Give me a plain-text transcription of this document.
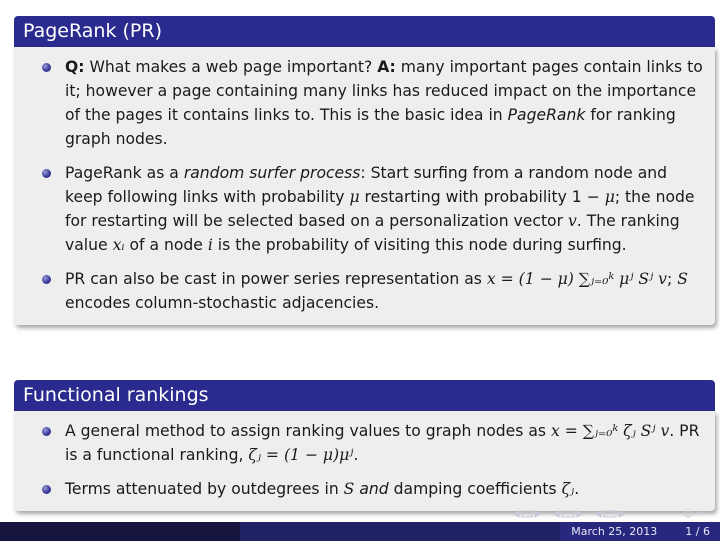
PageRank (PR)
Q: What makes a web page important? A: many important pages contain links to it; however a page containing many links has reduced impact on the importance of the pages it contains links to. This is the basic idea in PageRank for ranking graph nodes.
PageRank as a random surfer process: Start surfing from a random node and keep following links with probability μ restarting with probability 1 − μ; the node for restarting will be selected based on a personalization vector v. The ranking value xᵢ of a node i is the probability of visiting this node during surfing.
PR can also be cast in power series representation as x = (1 − μ) ∑ⱼ₌₀ᵏ μʲ Sʲ v; S encodes column-stochastic adjacencies.
Functional rankings
A general method to assign ranking values to graph nodes as x = ∑ⱼ₌₀ᵏ ζⱼ Sʲ v. PR is a functional ranking, ζⱼ = (1 − μ)μʲ.
Terms attenuated by outdegrees in S and damping coefficients ζⱼ.
March 25, 2013	1 / 6
